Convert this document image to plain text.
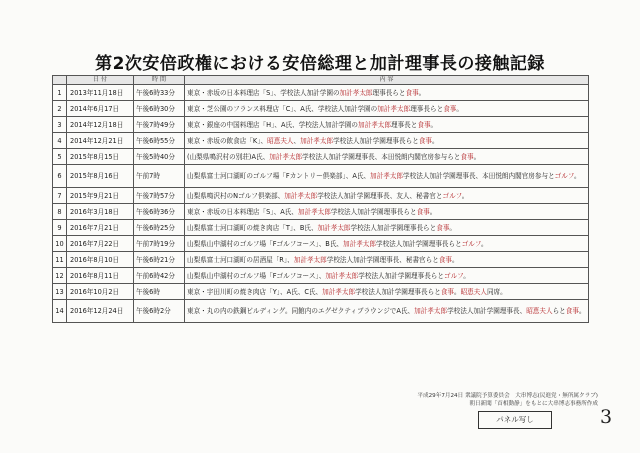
第2次安倍政権における安倍総理と加計理事長の接触記録
	日 付	時 間	内 容
1	2013年11月18日	午後6時33分	東京・赤坂の日本料理店「S」、学校法人加計学園の加計孝太郎理事長らと食事。
2	2014年6月17日	午後6時30分	東京・芝公園のフランス料理店「C」、A氏、学校法人加計学園の加計孝太郎理事長らと食事。
3	2014年12月18日	午後7時49分	東京・銀座の中国料理店「H」、A氏、学校法人加計学園の加計孝太郎理事長と食事。
4	2014年12月21日	午後6時55分	東京・赤坂の飲食店「K」、昭恵夫人、加計孝太郎学校法人加計学園理事長らと食事。
5	2015年8月15日	午後5時40分	(山梨県鳴沢村の別荘)A氏、加計孝太郎学校法人加計学園理事長、本田悦朗内閣官房参与らと食事。
6	2015年8月16日	午前7時	山梨県富士河口湖町のゴルフ場「Fカントリー倶楽部」、A氏、加計孝太郎学校法人加計学園理事長、本田悦朗内閣官房参与とゴルフ。
7	2015年9月21日	午後7時57分	山梨県鳴沢村のNゴルフ倶楽部、加計孝太郎学校法人加計学園理事長、友人、秘書官とゴルフ。
8	2016年3月18日	午後6時36分	東京・赤坂の日本料理店「S」、A氏、加計孝太郎学校法人加計学園理事長らと食事。
9	2016年7月21日	午後6時25分	山梨県富士河口湖町の焼き肉店「T」、B氏、加計孝太郎学校法人加計学園理事長らと食事。
10	2016年7月22日	午前7時19分	山梨県山中湖村のゴルフ場「Fゴルフコース」、B氏、加計孝太郎学校法人加計学園理事長らとゴルフ。
11	2016年8月10日	午後6時21分	山梨県富士河口湖町の居酒屋「R」、加計孝太郎学校法人加計学園理事長、秘書官らと食事。
12	2016年8月11日	午前6時42分	山梨県山中湖村のゴルフ場「Fゴルフコース」、加計孝太郎学校法人加計学園理事長らとゴルフ。
13	2016年10月2日	午後6時	東京・宇田川町の焼き肉店「Y」、A氏、C氏、加計孝太郎学校法人加計学園理事長らと食事。昭恵夫人同席。
14	2016年12月24日	午後6時2分	東京・丸の内の鉄鋼ビルディング。同館内のエグゼクティブラウンジでA氏、加計孝太郎学校法人加計学園理事長、昭恵夫人らと食事。
平成29年7月24日 衆議院予算委員会　大串博志(民進党・無所属クラブ)
朝日新聞「首相動静」をもとに大串博志事務所作成
パネル写し	3
